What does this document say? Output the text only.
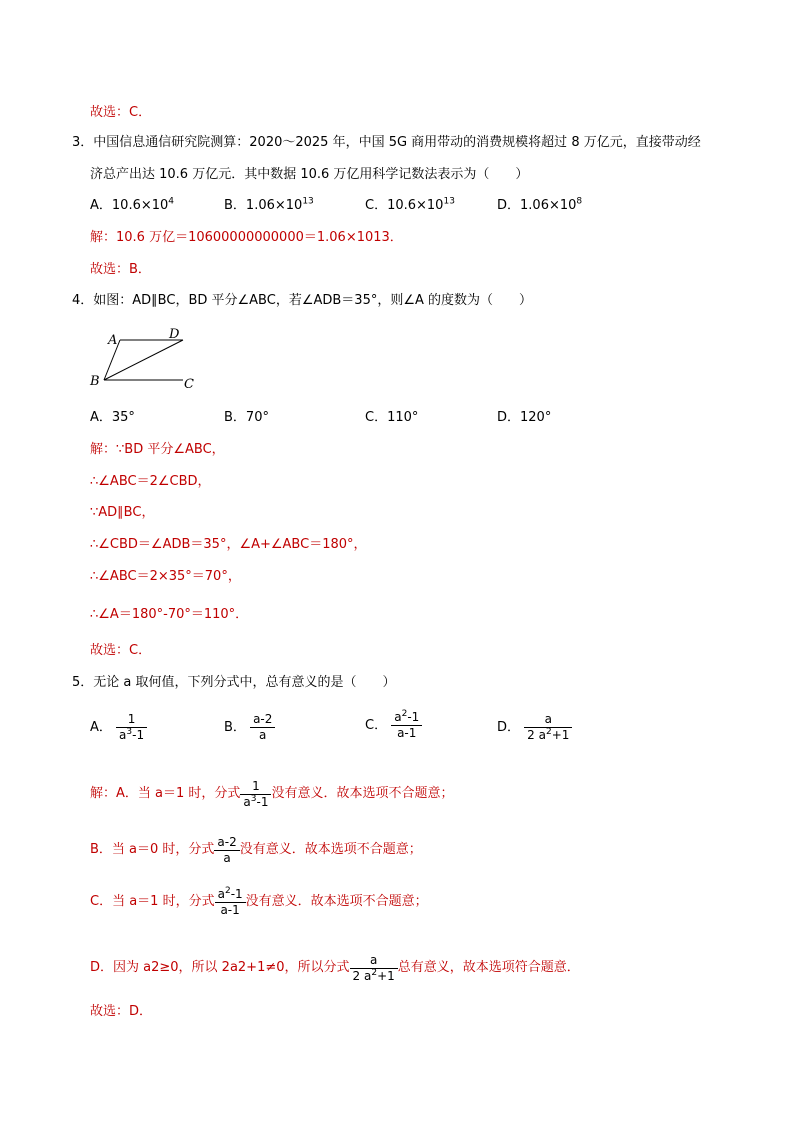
故选：C．
3．中国信息通信研究院测算：2020～2025 年，中国 5G 商用带动的消费规模将超过 8 万亿元，直接带动经
济总产出达 10.6 万亿元．其中数据 10.6 万亿用科学记数法表示为（　　）
A．$10.6\times 10^4$	B．$1.06\times 10^{13}$	C．$10.6\times 10^{13}$	D．$1.06\times 10^8$
解：10.6 万亿＝10600000000000＝1.06×1013．
故选：B．
4．如图：AD∥BC，BD 平分∠ABC，若∠ADB＝35°，则∠A 的度数为（　　）
A	D
B	C
A．35°	B．70°	C．110°	D．120°
解：∵BD 平分∠ABC，
∴∠ABC＝2∠CBD，
∵AD∥BC，
∴∠CBD＝∠ADB＝35°，∠A+∠ABC＝180°，
∴∠ABC＝2×35°＝70°，
∴∠A＝180°-70°＝110°．
故选：C．
5．无论 a 取何值，下列分式中，总有意义的是（　　）
A． $\frac{1}{a^3-1}$	B． $\frac{a-2}{a}$	C． $\frac{a^2-1}{a-1}$	D． $\frac{a}{2 a^2+1}$
解：A．当 a＝1 时，分式 $\frac{1}{a^3-1}$ 没有意义．故本选项不合题意；
B．当 a＝0 时，分式 $\frac{a-2}{a}$ 没有意义．故本选项不合题意；
C．当 a＝1 时，分式 $\frac{a^2-1}{a-1}$ 没有意义．故本选项不合题意；
D．因为 a2≥0，所以 2a2+1≠0，所以分式 $\frac{a}{2 a^2+1}$ 总有意义，故本选项符合题意．
故选：D．
